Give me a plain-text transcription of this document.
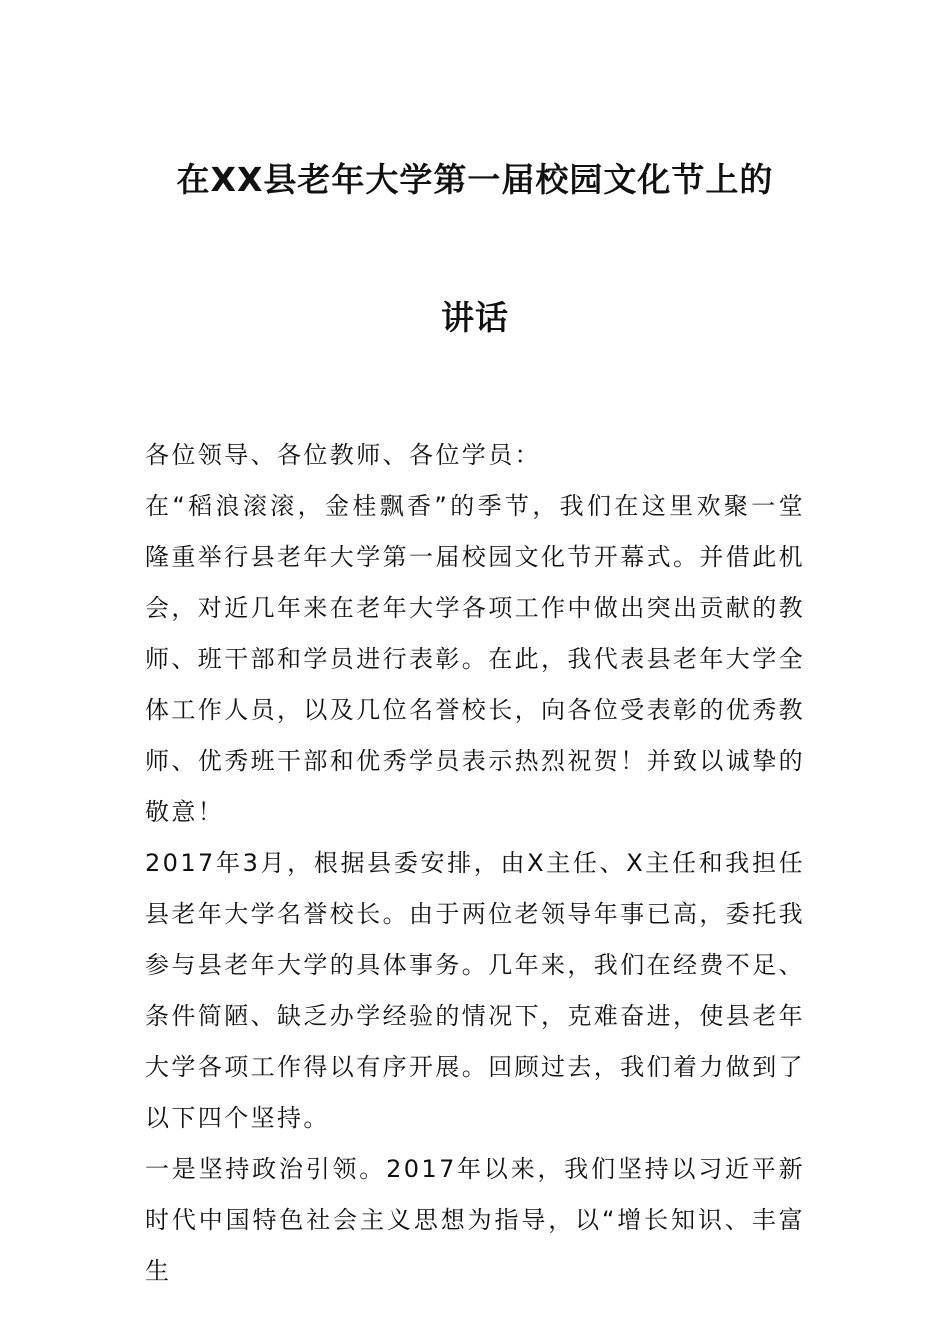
在XX县老年大学第一届校园文化节上的
讲话

各位领导、各位教师、各位学员：

在“稻浪滚滚，金桂飘香”的季节，我们在这里欢聚一堂隆重举行县老年大学第一届校园文化节开幕式。并借此机会，对近几年来在老年大学各项工作中做出突出贡献的教师、班干部和学员进行表彰。在此，我代表县老年大学全体工作人员，以及几位名誉校长，向各位受表彰的优秀教师、优秀班干部和优秀学员表示热烈祝贺！并致以诚挚的敬意！

2017年3月，根据县委安排，由X主任、X主任和我担任县老年大学名誉校长。由于两位老领导年事已高，委托我参与县老年大学的具体事务。几年来，我们在经费不足、条件简陋、缺乏办学经验的情况下，克难奋进，使县老年大学各项工作得以有序开展。回顾过去，我们着力做到了以下四个坚持。

一是坚持政治引领。2017年以来，我们坚持以习近平新时代中国特色社会主义思想为指导，以“增长知识、丰富生
